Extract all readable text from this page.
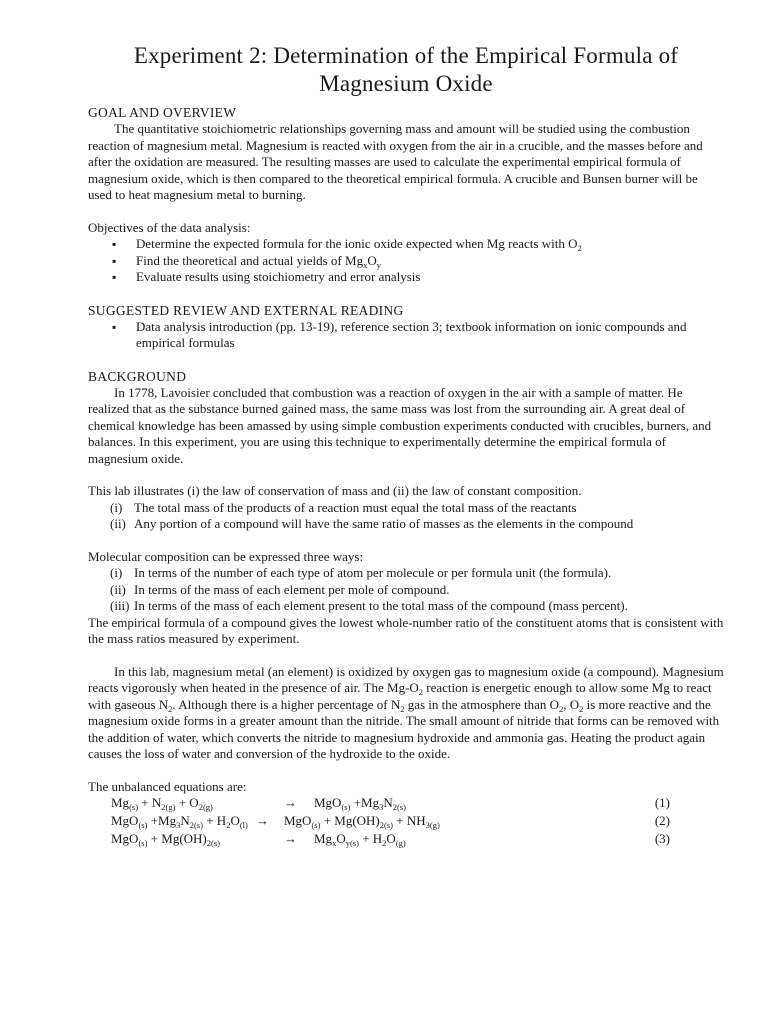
Experiment 2: Determination of the Empirical Formula of
Magnesium Oxide

GOAL AND OVERVIEW

The quantitative stoichiometric relationships governing mass and amount will be studied using the combustion reaction of magnesium metal. Magnesium is reacted with oxygen from the air in a crucible, and the masses before and after the oxidation are measured. The resulting masses are used to calculate the experimental empirical formula of magnesium oxide, which is then compared to the theoretical empirical formula. A crucible and Bunsen burner will be used to heat magnesium metal to burning.

Objectives of the data analysis:

▪ Determine the expected formula for the ionic oxide expected when Mg reacts with $O_2$
▪ Find the theoretical and actual yields of $Mg_xO_y$
▪ Evaluate results using stoichiometry and error analysis

SUGGESTED REVIEW AND EXTERNAL READING

▪ Data analysis introduction (pp. 13-19), reference section 3; textbook information on ionic compounds and empirical formulas

BACKGROUND

In 1778, Lavoisier concluded that combustion was a reaction of oxygen in the air with a sample of matter. He realized that as the substance burned gained mass, the same mass was lost from the surrounding air. A great deal of chemical knowledge has been amassed by using simple combustion experiments conducted with crucibles, burners, and balances. In this experiment, you are using this technique to experimentally determine the empirical formula of magnesium oxide.

This lab illustrates (i) the law of conservation of mass and (ii) the law of constant composition.

(i) The total mass of the products of a reaction must equal the total mass of the reactants
(ii) Any portion of a compound will have the same ratio of masses as the elements in the compound

Molecular composition can be expressed three ways:

(i) In terms of the number of each type of atom per molecule or per formula unit (the formula).
(ii) In terms of the mass of each element per mole of compound.
(iii) In terms of the mass of each element present to the total mass of the compound (mass percent).

The empirical formula of a compound gives the lowest whole-number ratio of the constituent atoms that is consistent with the mass ratios measured by experiment.

In this lab, magnesium metal (an element) is oxidized by oxygen gas to magnesium oxide (a compound). Magnesium reacts vigorously when heated in the presence of air. The $Mg-O_2$ reaction is energetic enough to allow some Mg to react with gaseous $N_2$. Although there is a higher percentage of $N_2$ gas in the atmosphere than $O_2$, $O_2$ is more reactive and the magnesium oxide forms in a greater amount than the nitride. The small amount of nitride that forms can be removed with the addition of water, which converts the nitride to magnesium hydroxide and ammonia gas. Heating the product again causes the loss of water and conversion of the hydroxide to the oxide.

The unbalanced equations are:

$Mg_{(s)} + N_{2(g)} + O_{2(g)}$	→ $MgO_{(s)} +Mg_3N_{2(s)}$	(1)
$MgO_{(s)} +Mg_3N_{2(s)} + H_2O_{(l)} \to MgO_{(s)} + Mg(OH)_{2(s)} + NH_{3(g)}$	(2)
$MgO_{(s)} + Mg(OH)_{2(s)}$	→ $Mg_xO_{y(s)} + H_2O_{(g)}$	(3)
